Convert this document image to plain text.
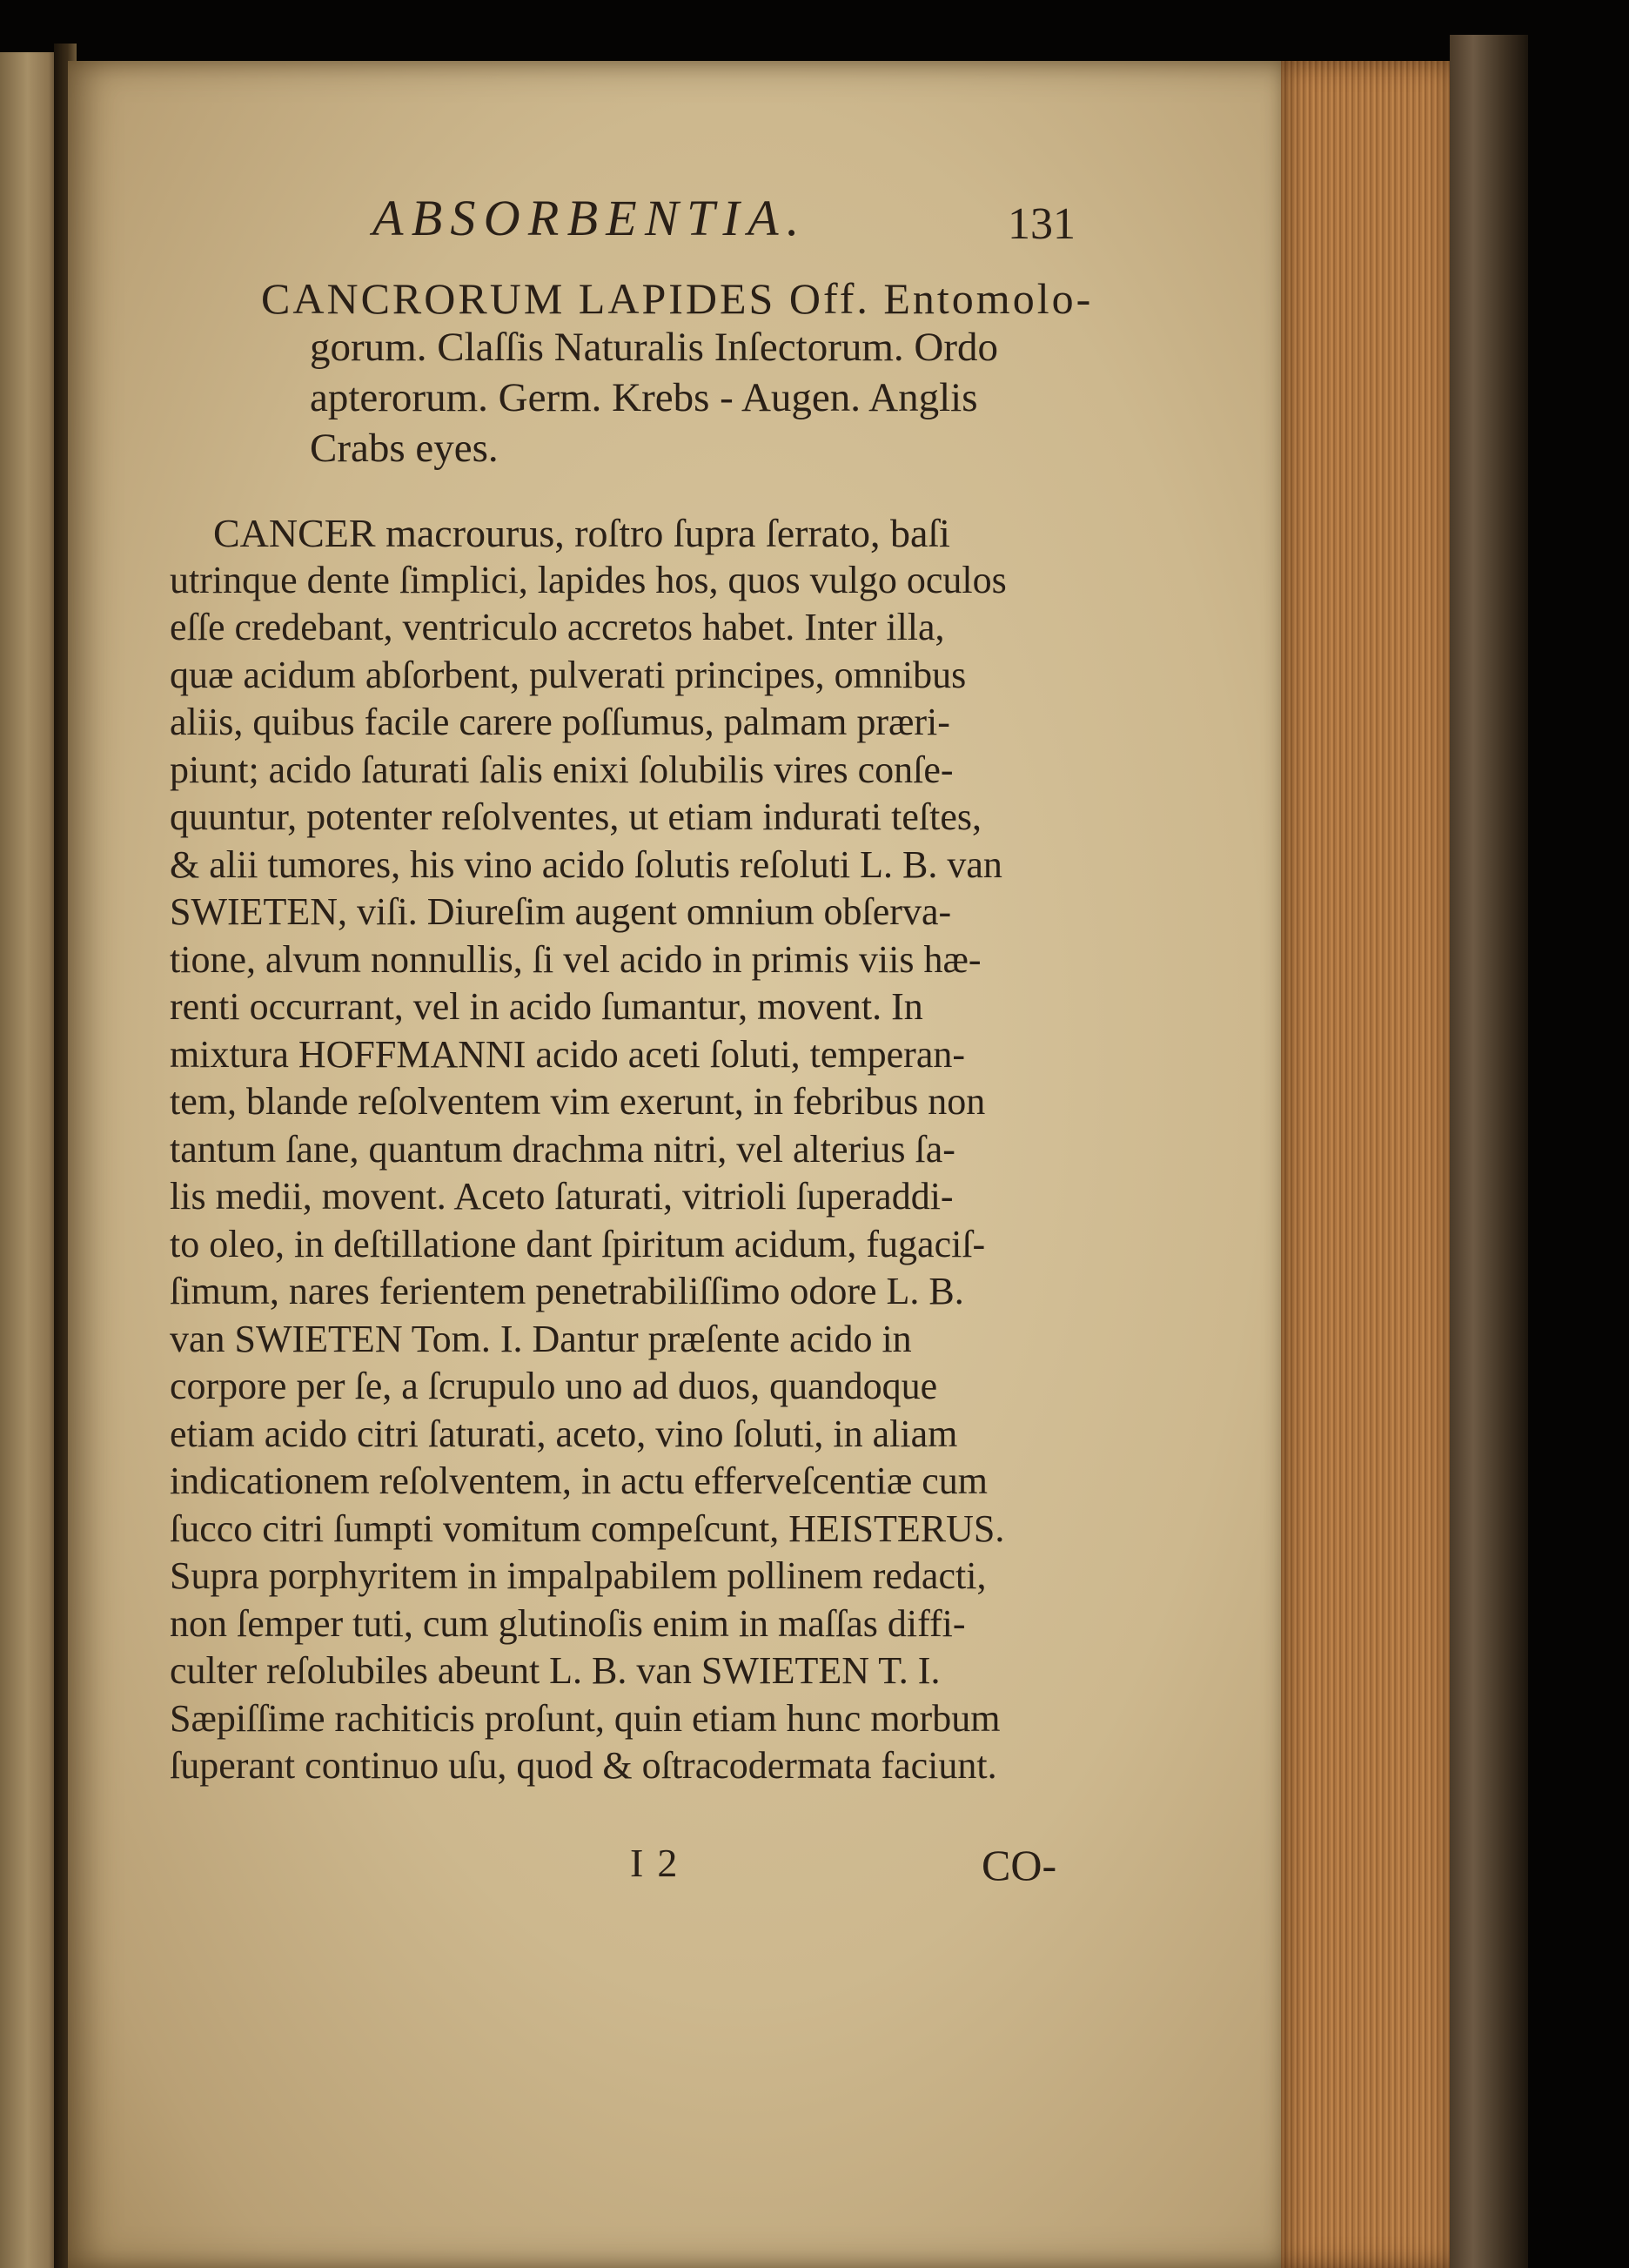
ABSORBENTIA.	131
CANCRORUM LAPIDES Off. Entomolo-
gorum. Claſſis Naturalis Inſectorum. Ordo
apterorum. Germ. Krebs - Augen. Anglis
Crabs eyes.
CANCER macrourus, roſtro ſupra ſerrato, baſi
utrinque dente ſimplici, lapides hos, quos vulgo oculos
eſſe credebant, ventriculo accretos habet. Inter illa,
quæ acidum abſorbent, pulverati principes, omnibus
aliis, quibus facile carere poſſumus, palmam præri-
piunt; acido ſaturati ſalis enixi ſolubilis vires conſe-
quuntur, potenter reſolventes, ut etiam indurati teſtes,
& alii tumores, his vino acido ſolutis reſoluti L. B. van
SWIETEN, viſi. Diureſim augent omnium obſerva-
tione, alvum nonnullis, ſi vel acido in primis viis hæ-
renti occurrant, vel in acido ſumantur, movent. In
mixtura HOFFMANNI acido aceti ſoluti, temperan-
tem, blande reſolventem vim exerunt, in febribus non
tantum ſane, quantum drachma nitri, vel alterius ſa-
lis medii, movent. Aceto ſaturati, vitrioli ſuperaddi-
to oleo, in deſtillatione dant ſpiritum acidum, fugaciſ-
ſimum, nares ferientem penetrabiliſſimo odore L. B.
van SWIETEN Tom. I. Dantur præſente acido in
corpore per ſe, a ſcrupulo uno ad duos, quandoque
etiam acido citri ſaturati, aceto, vino ſoluti, in aliam
indicationem reſolventem, in actu efferveſcentiæ cum
ſucco citri ſumpti vomitum compeſcunt, HEISTERUS.
Supra porphyritem in impalpabilem pollinem redacti,
non ſemper tuti, cum glutinoſis enim in maſſas diffi-
culter reſolubiles abeunt L. B. van SWIETEN T. I.
Sæpiſſime rachiticis proſunt, quin etiam hunc morbum
ſuperant continuo uſu, quod & oſtracodermata faciunt.
I 2	CO-
